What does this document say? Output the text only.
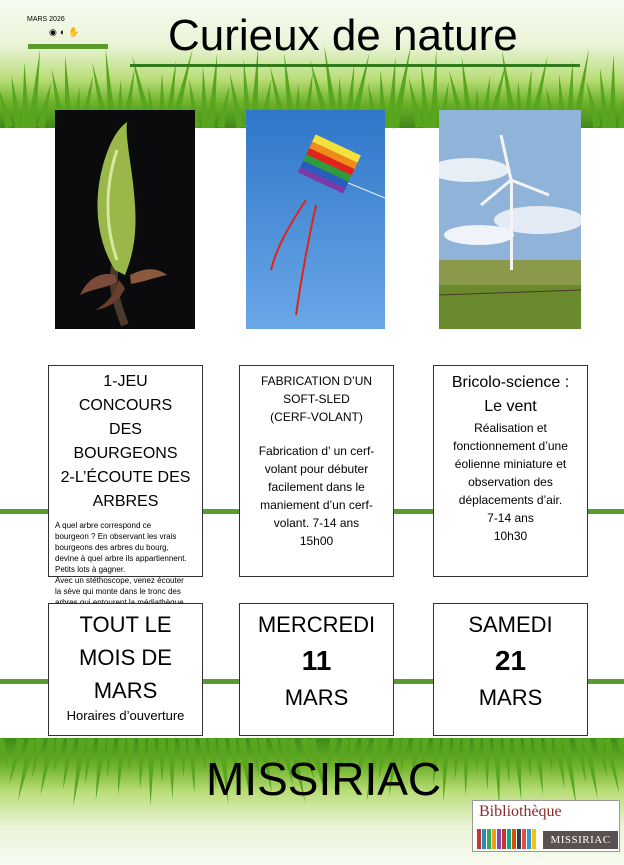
MARS 2026
◉ ◐ ✋ Curieux de nature
1-JEU CONCOURS
DES BOURGEONS
2-L’ÉCOUTE DES
ARBRES
A quel arbre correspond ce
bourgeon ? En observant les vrais
bourgeons des arbres du bourg,
devine à quel arbre ils appartiennent.
Petits lots à gagner.
Avec un stéthoscope, venez écouter
la sève qui monte dans le tronc des
FABRICATION D’UN
SOFT-SLED
(CERF-VOLANT)
Fabrication d’ un cerf-
volant pour débuter
facilement dans le
maniement d’un cerf-
volant. 7-14 ans
15h00
Bricolo-science :
Le vent
Réalisation et
fonctionnement d’une
éolienne miniature et
observation des
déplacements d’air.
7-14 ans
10h30
TOUT LE
MOIS DE
MARS
Horaires d’ouverture
MERCREDI
11
MARS
SAMEDI
21
MARS
MISSIRIAC
Bibliothèque
MISSIRIAC
